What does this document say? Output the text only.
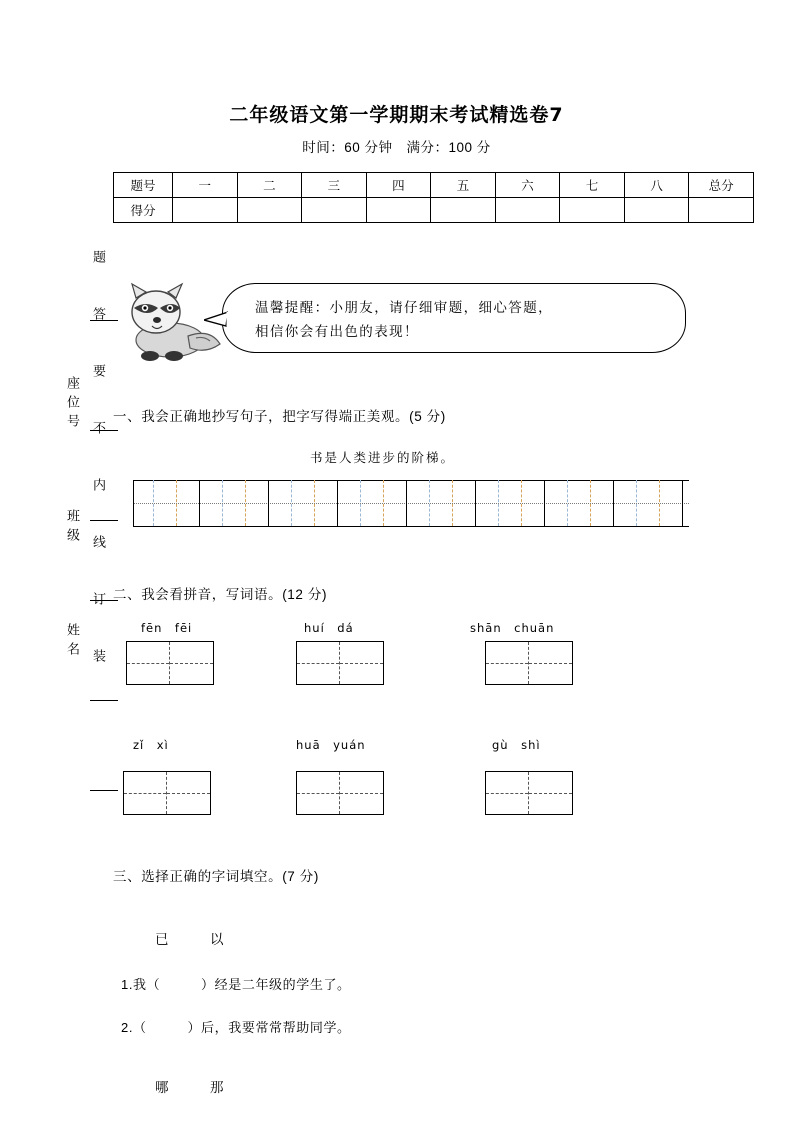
题　　答　　要　　不　　内　　线　　订　　装
座位号　　　　班级　　　　姓名
二年级语文第一学期期末考试精选卷7
时间：60 分钟　满分：100 分
题号	一	二	三	四	五	六	七	八	总分
得分									
温馨提醒：小朋友，请仔细审题，细心答题，
相信你会有出色的表现！
一、我会正确地抄写句子，把字写得端正美观。(5 分)
书是人类进步的阶梯。
二、我会看拼音，写词语。(12 分)
fēn　fēi	huí　dá	shān　chuān
zǐ　xì	huā　yuán	gù　shì
三、选择正确的字词填空。(7 分)
已　以
1.我（　　　）经是二年级的学生了。
2.（　　　）后，我要常常帮助同学。
哪　那
